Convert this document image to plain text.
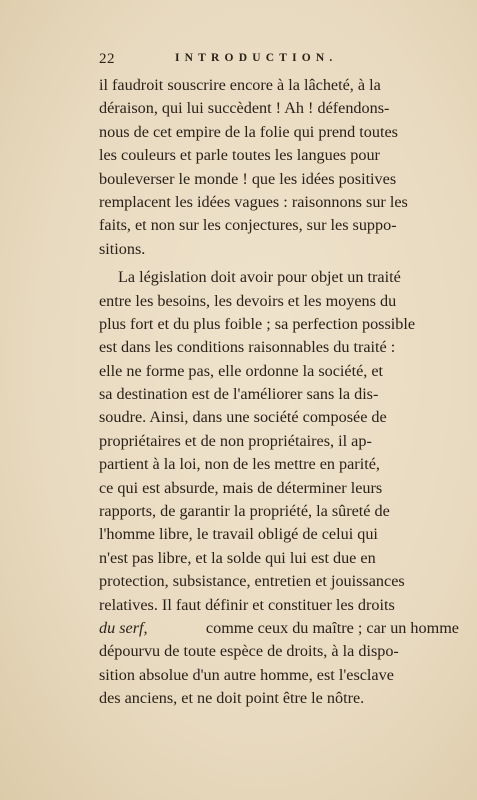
22	INTRODUCTION.
il faudroit souscrire encore à la lâcheté, à la
déraison, qui lui succèdent ! Ah ! défendons-
nous de cet empire de la folie qui prend toutes
les couleurs et parle toutes les langues pour
bouleverser le monde ! que les idées positives
remplacent les idées vagues : raisonnons sur les
faits, et non sur les conjectures, sur les suppo-
sitions.
La législation doit avoir pour objet un traité
entre les besoins, les devoirs et les moyens du
plus fort et du plus foible ; sa perfection possible
est dans les conditions raisonnables du traité :
elle ne forme pas, elle ordonne la société, et
sa destination est de l'améliorer sans la dis-
soudre. Ainsi, dans une société composée de
propriétaires et de non propriétaires, il ap-
partient à la loi, non de les mettre en parité,
ce qui est absurde, mais de déterminer leurs
rapports, de garantir la propriété, la sûreté de
l'homme libre, le travail obligé de celui qui
n'est pas libre, et la solde qui lui est due en
protection, subsistance, entretien et jouissances
relatives. Il faut définir et constituer les droits
du serf,	comme ceux du maître ; car un homme
dépourvu de toute espèce de droits, à la dispo-
sition absolue d'un autre homme, est l'esclave
des anciens, et ne doit point être le nôtre.
